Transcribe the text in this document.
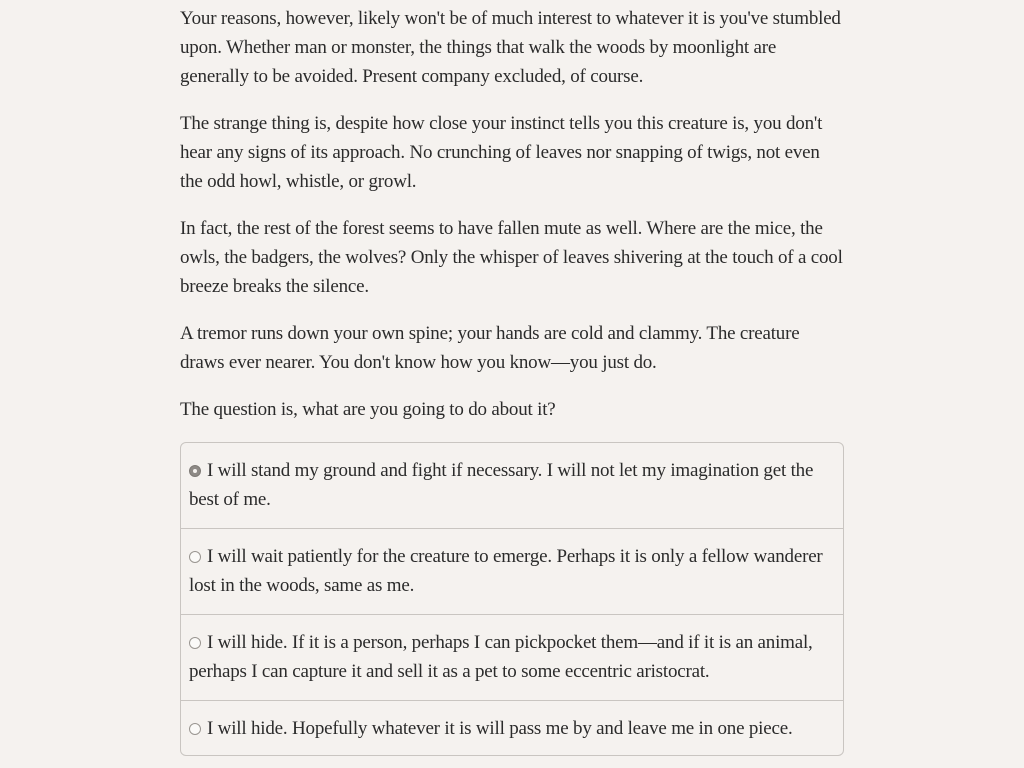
Your reasons, however, likely won't be of much interest to whatever it is you've stumbled upon. Whether man or monster, the things that walk the woods by moonlight are generally to be avoided. Present company excluded, of course.

The strange thing is, despite how close your instinct tells you this creature is, you don't hear any signs of its approach. No crunching of leaves nor snapping of twigs, not even the odd howl, whistle, or growl.

In fact, the rest of the forest seems to have fallen mute as well. Where are the mice, the owls, the badgers, the wolves? Only the whisper of leaves shivering at the touch of a cool breeze breaks the silence.

A tremor runs down your own spine; your hands are cold and clammy. The creature draws ever nearer. You don't know how you know—you just do.

The question is, what are you going to do about it?

I will stand my ground and fight if necessary. I will not let my imagination get the best of me.
I will wait patiently for the creature to emerge. Perhaps it is only a fellow wanderer lost in the woods, same as me.
I will hide. If it is a person, perhaps I can pickpocket them—and if it is an animal, perhaps I can capture it and sell it as a pet to some eccentric aristocrat.
I will hide. Hopefully whatever it is will pass me by and leave me in one piece.
